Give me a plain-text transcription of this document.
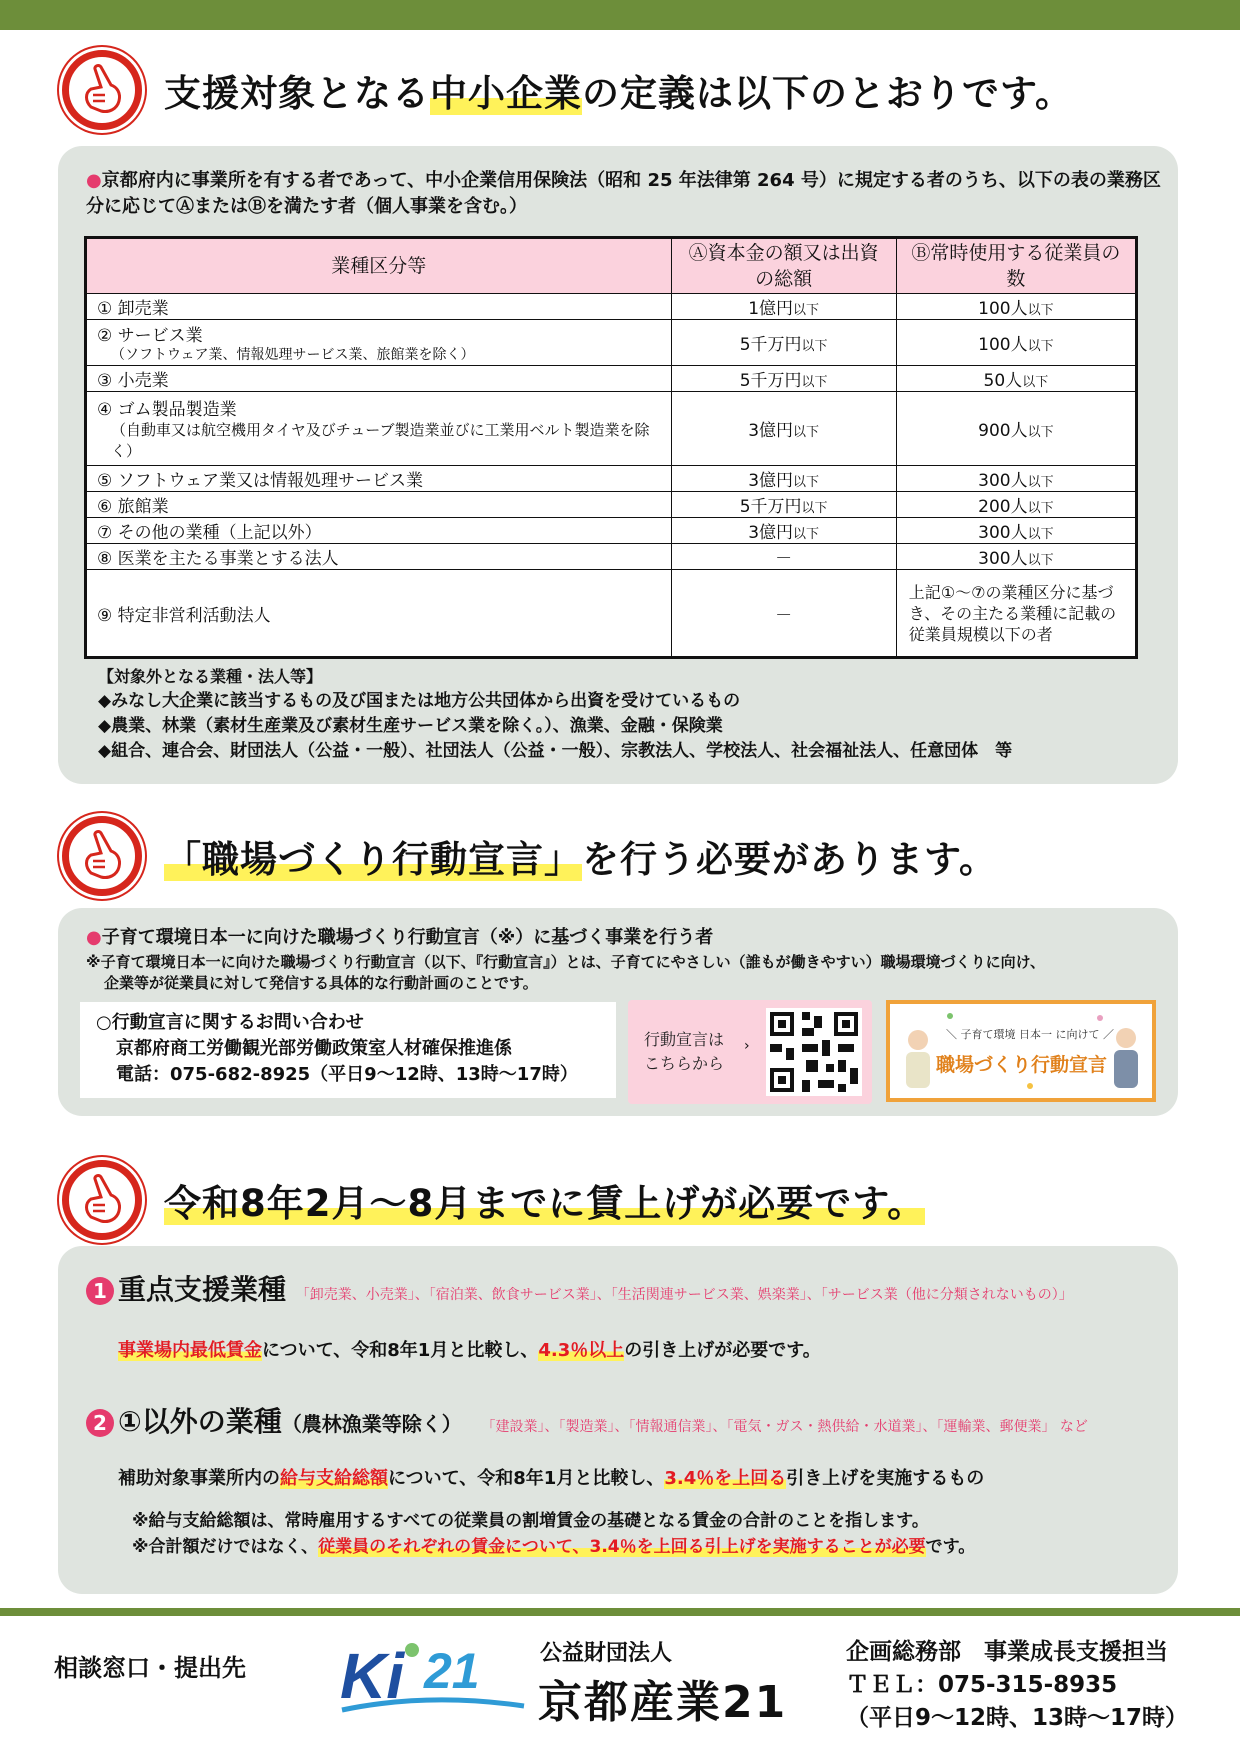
支援対象となる中小企業の定義は以下のとおりです。
●京都府内に事業所を有する者であって、中小企業信用保険法（昭和 25 年法律第 264 号）に規定する者のうち、以下の表の業務区分に応じてⒶまたはⒷを満たす者（個人事業を含む。）
業種区分等	Ⓐ資本金の額又は出資の総額	Ⓑ常時使用する従業員の数
① 卸売業	1億円以下	100人以下
② サービス業
（ソフトウェア業、情報処理サービス業、旅館業を除く）	5千万円以下	100人以下
③ 小売業	5千万円以下	50人以下
④ ゴム製品製造業
（自動車又は航空機用タイヤ及びチューブ製造業並びに工業用ベルト製造業を除く）	3億円以下	900人以下
⑤ ソフトウェア業又は情報処理サービス業	3億円以下	300人以下
⑥ 旅館業	5千万円以下	200人以下
⑦ その他の業種（上記以外）	3億円以下	300人以下
⑧ 医業を主たる事業とする法人	－	300人以下
⑨ 特定非営利活動法人	－	上記①～⑦の業種区分に基づき、その主たる業種に記載の従業員規模以下の者
【対象外となる業種・法人等】
◆みなし大企業に該当するもの及び国または地方公共団体から出資を受けているもの
◆農業、林業（素材生産業及び素材生産サービス業を除く。）、漁業、金融・保険業
◆組合、連合会、財団法人（公益・一般）、社団法人（公益・一般）、宗教法人、学校法人、社会福祉法人、任意団体　等
「職場づくり行動宣言」を行う必要があります。
●子育て環境日本一に向けた職場づくり行動宣言（※）に基づく事業を行う者
※子育て環境日本一に向けた職場づくり行動宣言（以下、『行動宣言』）とは、子育てにやさしい（誰もが働きやすい）職場環境づくりに向け、
企業等が従業員に対して発信する具体的な行動計画のことです。
○行動宣言に関するお問い合わせ
京都府商工労働観光部労働政策室人材確保推進係
電話：075-682-8925（平日9～12時、13時～17時）
行動宣言は
こちらから
›
＼ 子育て環境 日本一 に向けて ／
職場づくり行動宣言
令和8年2月～8月までに賃上げが必要です。
1 重点支援業種 「卸売業、小売業」、「宿泊業、飲食サービス業」、「生活関連サービス業、娯楽業」、「サービス業（他に分類されないもの）」
事業場内最低賃金について、令和8年1月と比較し、4.3％以上の引き上げが必要です。
2 ①以外の業種（農林漁業等除く） 「建設業」、「製造業」、「情報通信業」、「電気・ガス・熱供給・水道業」、「運輸業、郵便業」 など
補助対象事業所内の給与支給総額について、令和8年1月と比較し、3.4％を上回る引き上げを実施するもの
※給与支給総額は、常時雇用するすべての従業員の割増賃金の基礎となる賃金の合計のことを指します。
※合計額だけではなく、従業員のそれぞれの賃金について、3.4％を上回る引上げを実施することが必要です。
相談窓口・提出先 Ki 21	公益財団法人
京都産業21
企画総務部　事業成長支援担当
ＴＥＬ：075-315-8935
（平日9～12時、13時～17時）
